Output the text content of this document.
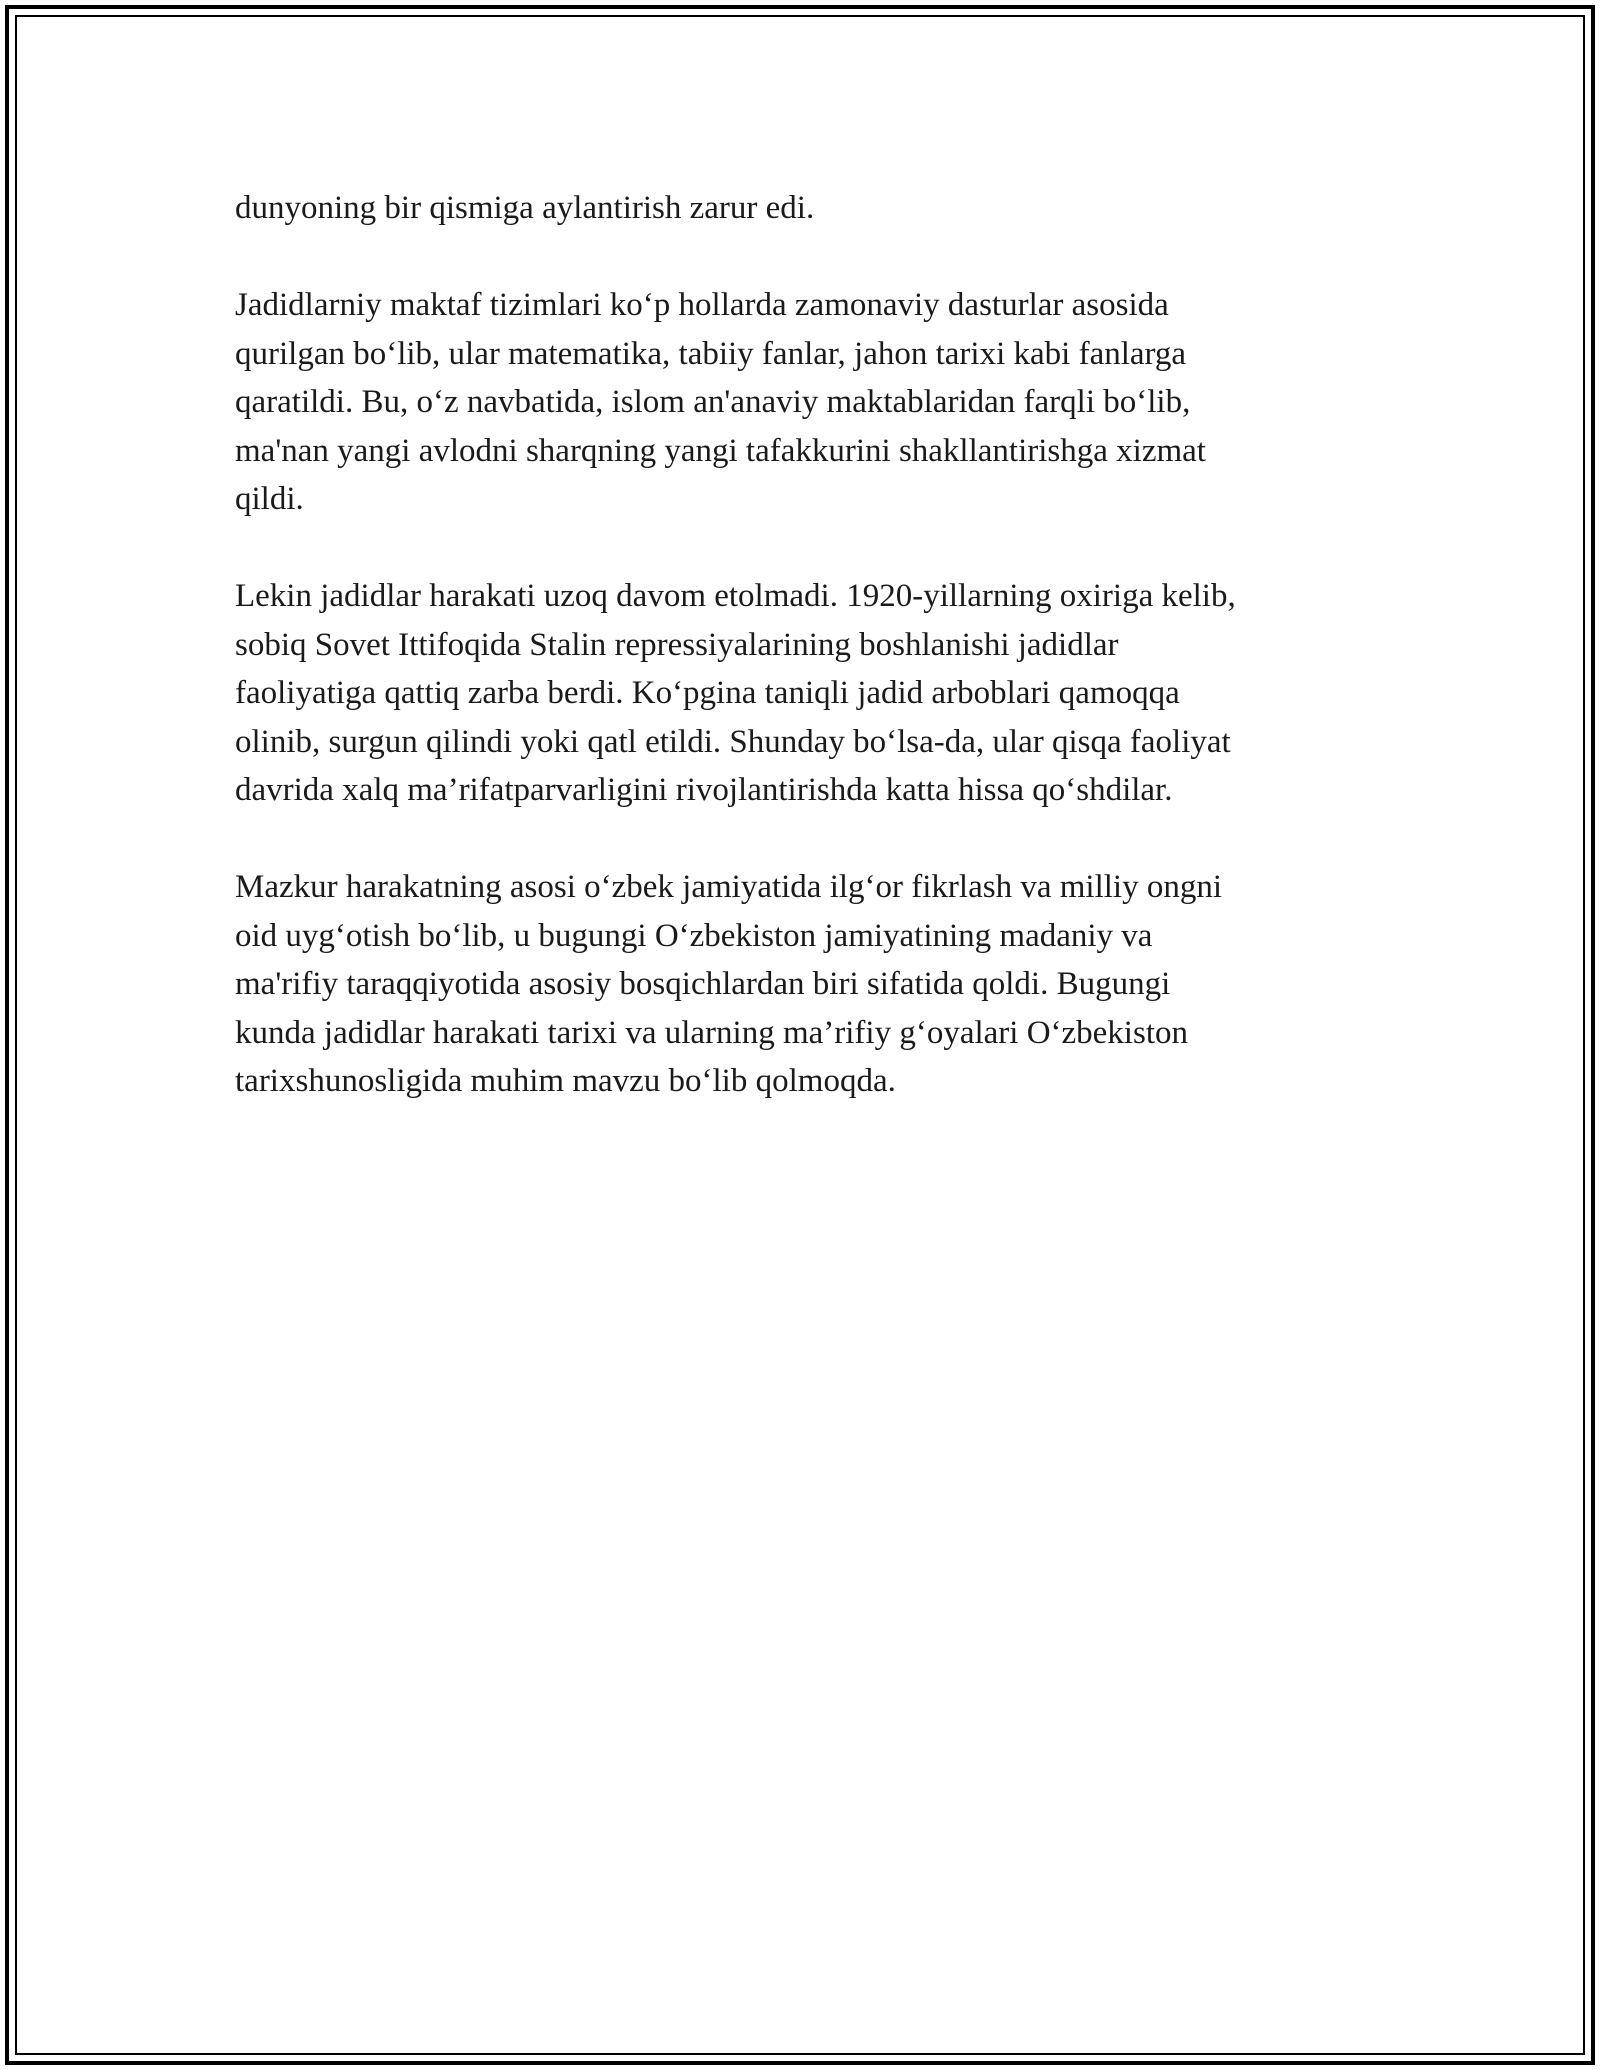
dunyoning bir qismiga aylantirish zarur edi.

Jadidlarniy maktaf tizimlari ko‘p hollarda zamonaviy dasturlar asosida
qurilgan bo‘lib, ular matematika, tabiiy fanlar, jahon tarixi kabi fanlarga
qaratildi. Bu, o‘z navbatida, islom an'anaviy maktablaridan farqli bo‘lib,
ma'nan yangi avlodni sharqning yangi tafakkurini shakllantirishga xizmat
qildi.

Lekin jadidlar harakati uzoq davom etolmadi. 1920-yillarning oxiriga kelib,
sobiq Sovet Ittifoqida Stalin repressiyalarining boshlanishi jadidlar
faoliyatiga qattiq zarba berdi. Ko‘pgina taniqli jadid arboblari qamoqqa
olinib, surgun qilindi yoki qatl etildi. Shunday bo‘lsa-da, ular qisqa faoliyat
davrida xalq ma’rifatparvarligini rivojlantirishda katta hissa qo‘shdilar.

Mazkur harakatning asosi o‘zbek jamiyatida ilg‘or fikrlash va milliy ongni
oid uyg‘otish bo‘lib, u bugungi O‘zbekiston jamiyatining madaniy va
ma'rifiy taraqqiyotida asosiy bosqichlardan biri sifatida qoldi. Bugungi
kunda jadidlar harakati tarixi va ularning ma’rifiy g‘oyalari O‘zbekiston
tarixshunosligida muhim mavzu bo‘lib qolmoqda.
